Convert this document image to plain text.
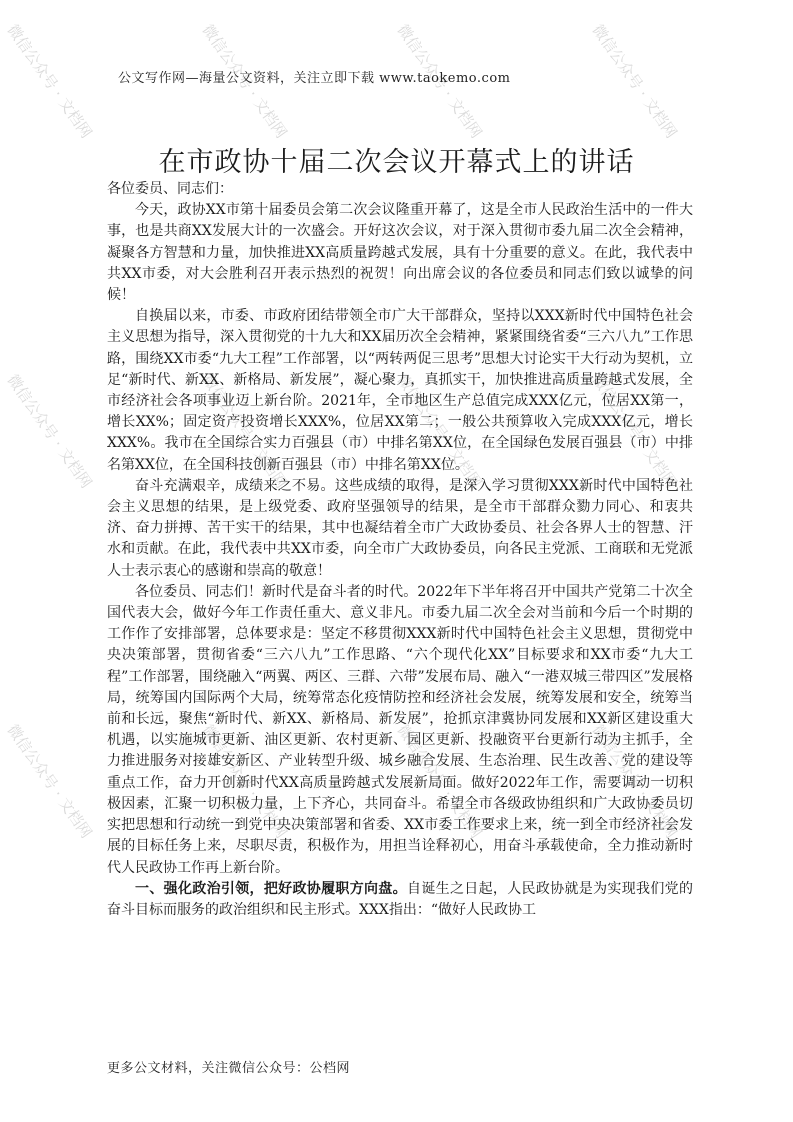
微信公众号 · 文档网	微信公众号 · 文档网	微信公众号 · 文档网	微信公众号 · 文档网
微信公众号 · 文档网	微信公众号 · 文档网	微信公众号 · 文档网	微信公众号 · 文档网
微信公众号 · 文档网	微信公众号 · 文档网	微信公众号 · 文档网	微信公众号 · 文档网
公文写作网—海量公文资料，关注立即下载 www.taokemo.com
在市政协十届二次会议开幕式上的讲话

各位委员、同志们：

今天，政协XX市第十届委员会第二次会议隆重开幕了，这是全市人民政治生活中的一件大事，也是共商XX发展大计的一次盛会。开好这次会议，对于深入贯彻市委九届二次全会精神，凝聚各方智慧和力量，加快推进XX高质量跨越式发展，具有十分重要的意义。在此，我代表中共XX市委，对大会胜利召开表示热烈的祝贺！向出席会议的各位委员和同志们致以诚挚的问候！

自换届以来，市委、市政府团结带领全市广大干部群众，坚持以XXX新时代中国特色社会主义思想为指导，深入贯彻党的十九大和XX届历次全会精神，紧紧围绕省委“三六八九”工作思路，围绕XX市委“九大工程”工作部署，以“两转两促三思考”思想大讨论实干大行动为契机，立足“新时代、新XX、新格局、新发展”，凝心聚力，真抓实干，加快推进高质量跨越式发展，全市经济社会各项事业迈上新台阶。2021年，全市地区生产总值完成XXX亿元，位居XX第一，增长XX%；固定资产投资增长XXX%，位居XX第二；一般公共预算收入完成XXX亿元，增长XXX%。我市在全国综合实力百强县（市）中排名第XX位，在全国绿色发展百强县（市）中排名第XX位，在全国科技创新百强县（市）中排名第XX位。

奋斗充满艰辛，成绩来之不易。这些成绩的取得，是深入学习贯彻XXX新时代中国特色社会主义思想的结果，是上级党委、政府坚强领导的结果，是全市干部群众勠力同心、和衷共济、奋力拼搏、苦干实干的结果，其中也凝结着全市广大政协委员、社会各界人士的智慧、汗水和贡献。在此，我代表中共XX市委，向全市广大政协委员，向各民主党派、工商联和无党派人士表示衷心的感谢和崇高的敬意！

各位委员、同志们！新时代是奋斗者的时代。2022年下半年将召开中国共产党第二十次全国代表大会，做好今年工作责任重大、意义非凡。市委九届二次全会对当前和今后一个时期的工作作了安排部署，总体要求是：坚定不移贯彻XXX新时代中国特色社会主义思想，贯彻党中央决策部署，贯彻省委“三六八九”工作思路、“六个现代化XX”目标要求和XX市委“九大工程”工作部署，围绕融入“两翼、两区、三群、六带”发展布局、融入“一港双城三带四区”发展格局，统筹国内国际两个大局，统筹常态化疫情防控和经济社会发展，统筹发展和安全，统筹当前和长远，聚焦“新时代、新XX、新格局、新发展”，抢抓京津冀协同发展和XX新区建设重大机遇，以实施城市更新、油区更新、农村更新、园区更新、投融资平台更新行动为主抓手，全力推进服务对接雄安新区、产业转型升级、城乡融合发展、生态治理、民生改善、党的建设等重点工作，奋力开创新时代XX高质量跨越式发展新局面。做好2022年工作，需要调动一切积极因素，汇聚一切积极力量，上下齐心，共同奋斗。希望全市各级政协组织和广大政协委员切实把思想和行动统一到党中央决策部署和省委、XX市委工作要求上来，统一到全市经济社会发展的目标任务上来，尽职尽责，积极作为，用担当诠释初心，用奋斗承载使命，全力推动新时代人民政协工作再上新台阶。

一、强化政治引领，把好政协履职方向盘。自诞生之日起，人民政协就是为实现我们党的奋斗目标而服务的政治组织和民主形式。XXX指出：“做好人民政协工

更多公文材料，关注微信公众号：公档网
